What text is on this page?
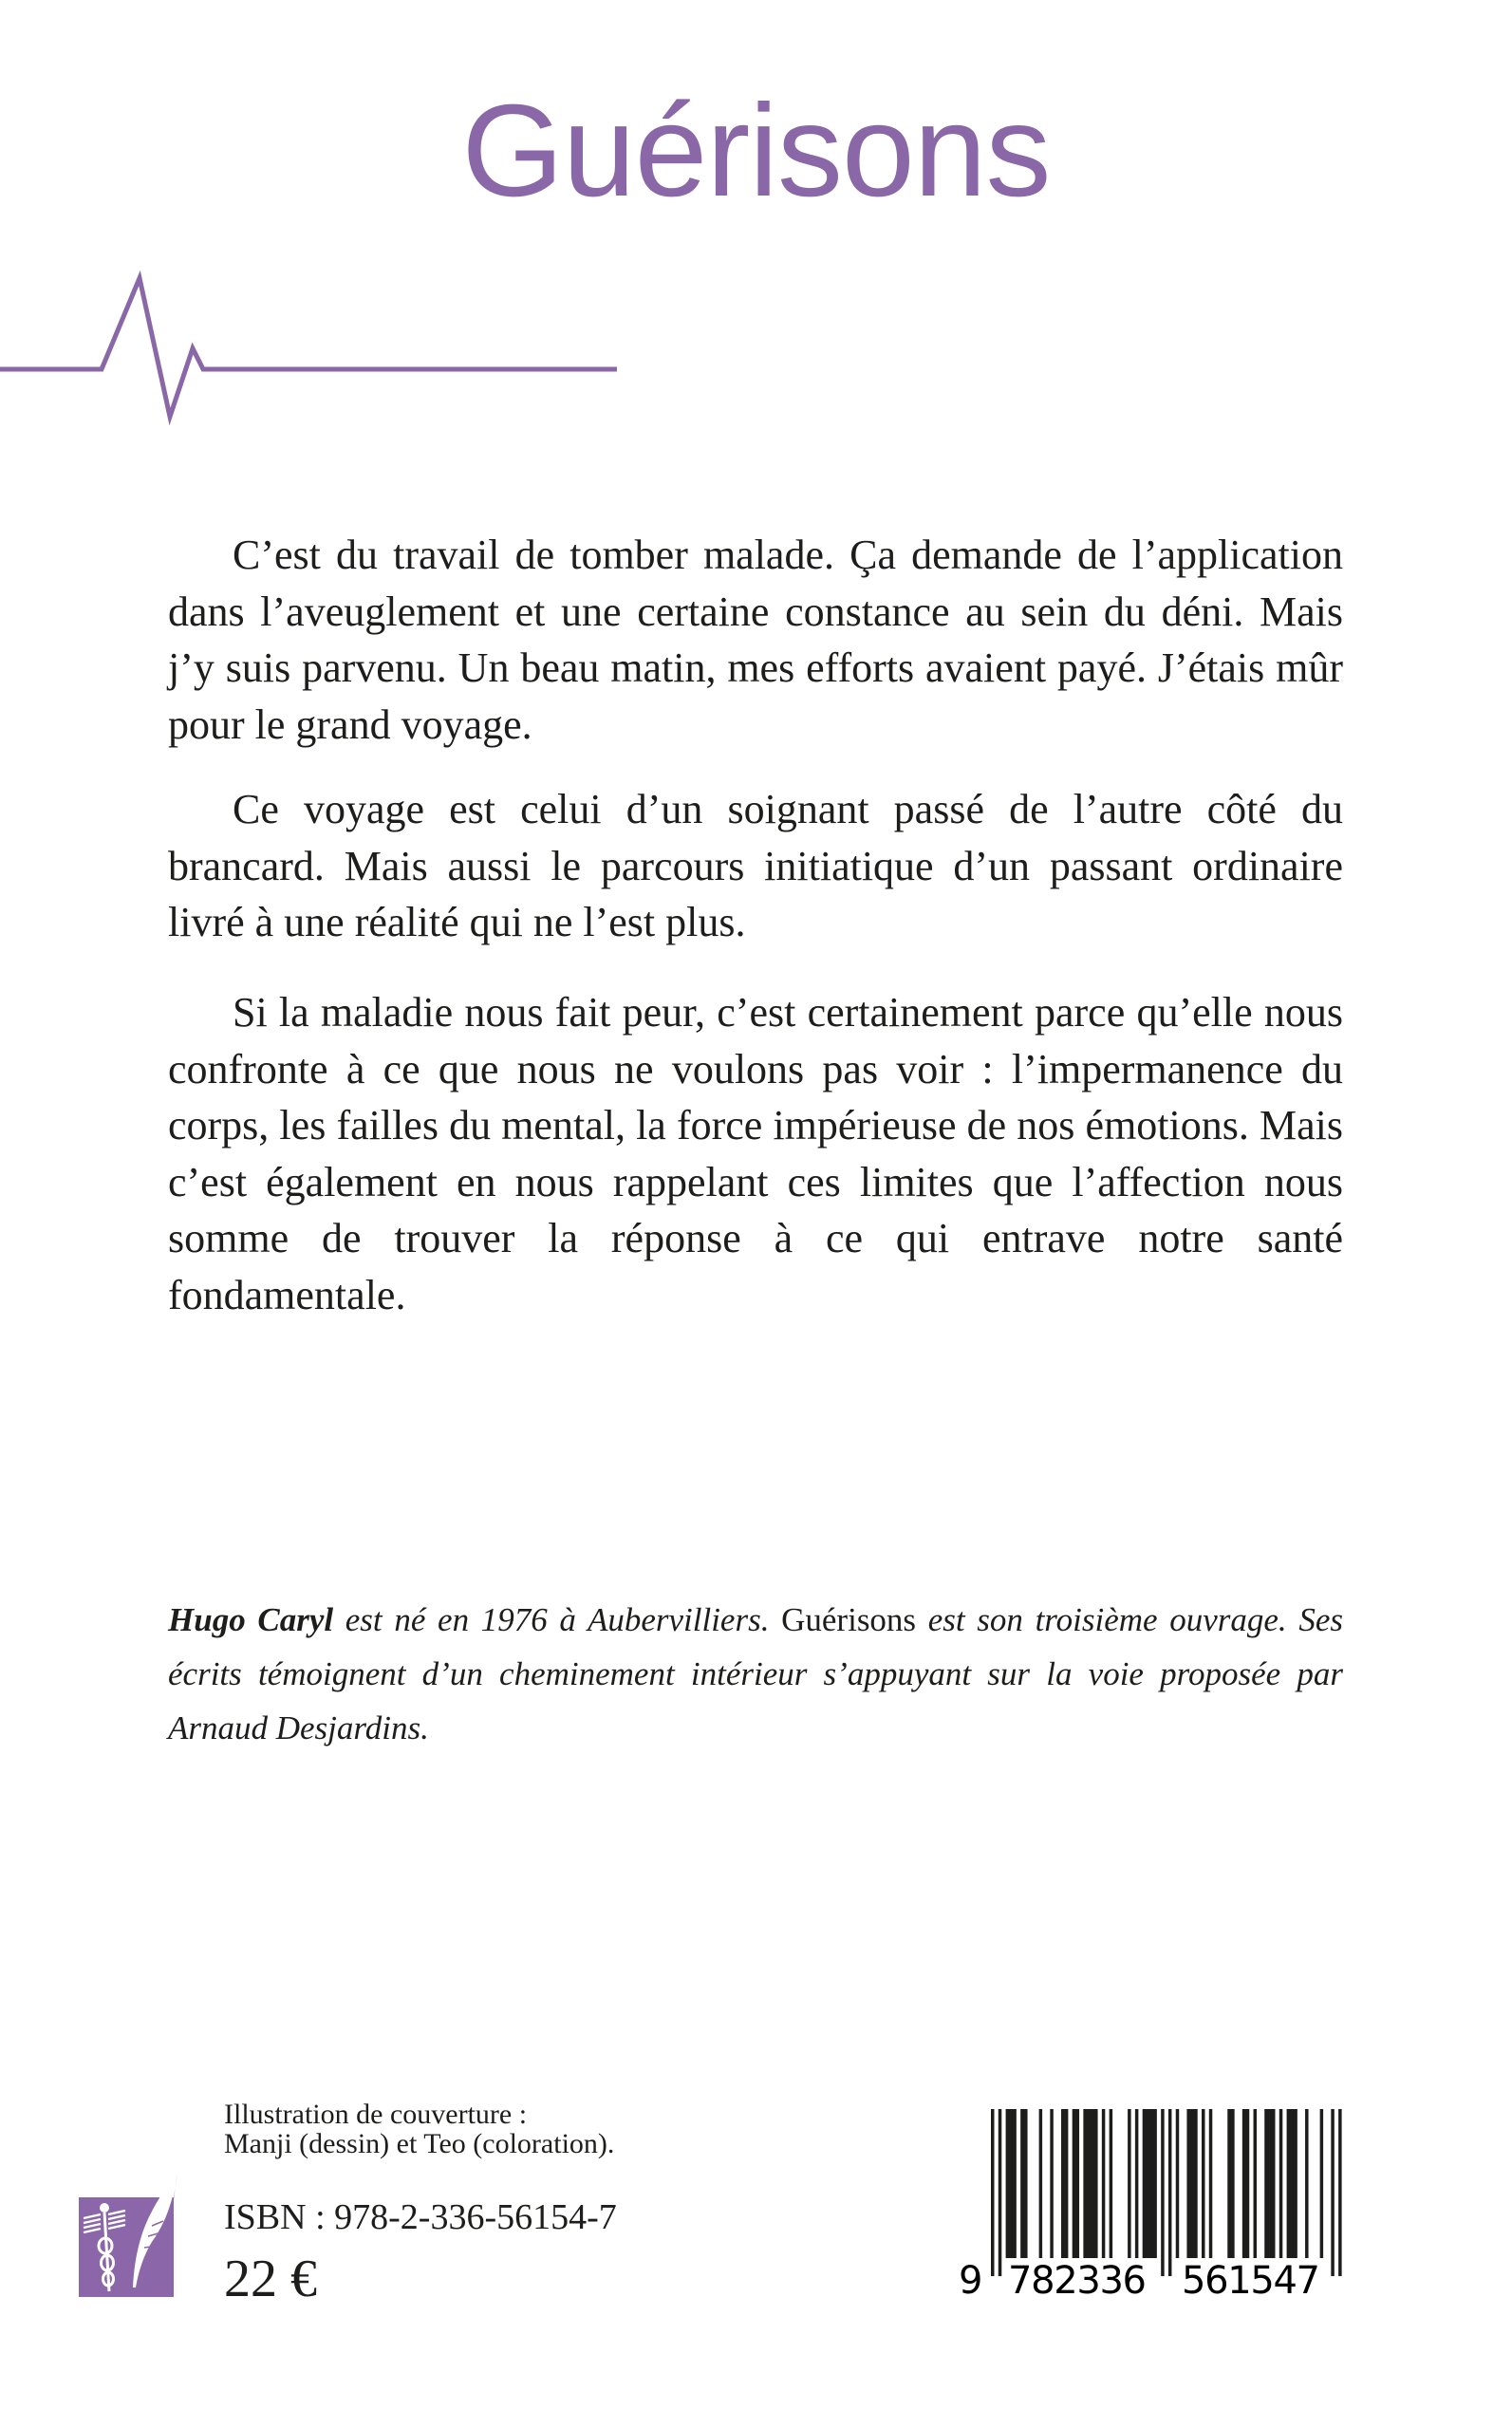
Guérisons

C’est du travail de tomber malade. Ça demande de l’application dans l’aveuglement et une certaine constance au sein du déni. Mais j’y suis parvenu. Un beau matin, mes efforts avaient payé. J’étais mûr pour le grand voyage.

Ce voyage est celui d’un soignant passé de l’autre côté du brancard. Mais aussi le parcours initiatique d’un passant ordinaire livré à une réalité qui ne l’est plus.

Si la maladie nous fait peur, c’est certainement parce qu’elle nous confronte à ce que nous ne voulons pas voir : l’impermanence du corps, les failles du mental, la force impérieuse de nos émotions. Mais c’est également en nous rappelant ces limites que l’affection nous somme de trouver la réponse à ce qui entrave notre santé fondamentale.

Hugo Caryl est né en 1976 à Aubervilliers. Guérisons est son troisième ouvrage. Ses écrits témoignent d’un cheminement intérieur s’appuyant sur la voie proposée par Arnaud Desjardins.

Illustration de couverture :
Manji (dessin) et Teo (coloration).
ISBN : 978-2-336-56154-7
22 €	9 782336 561547
